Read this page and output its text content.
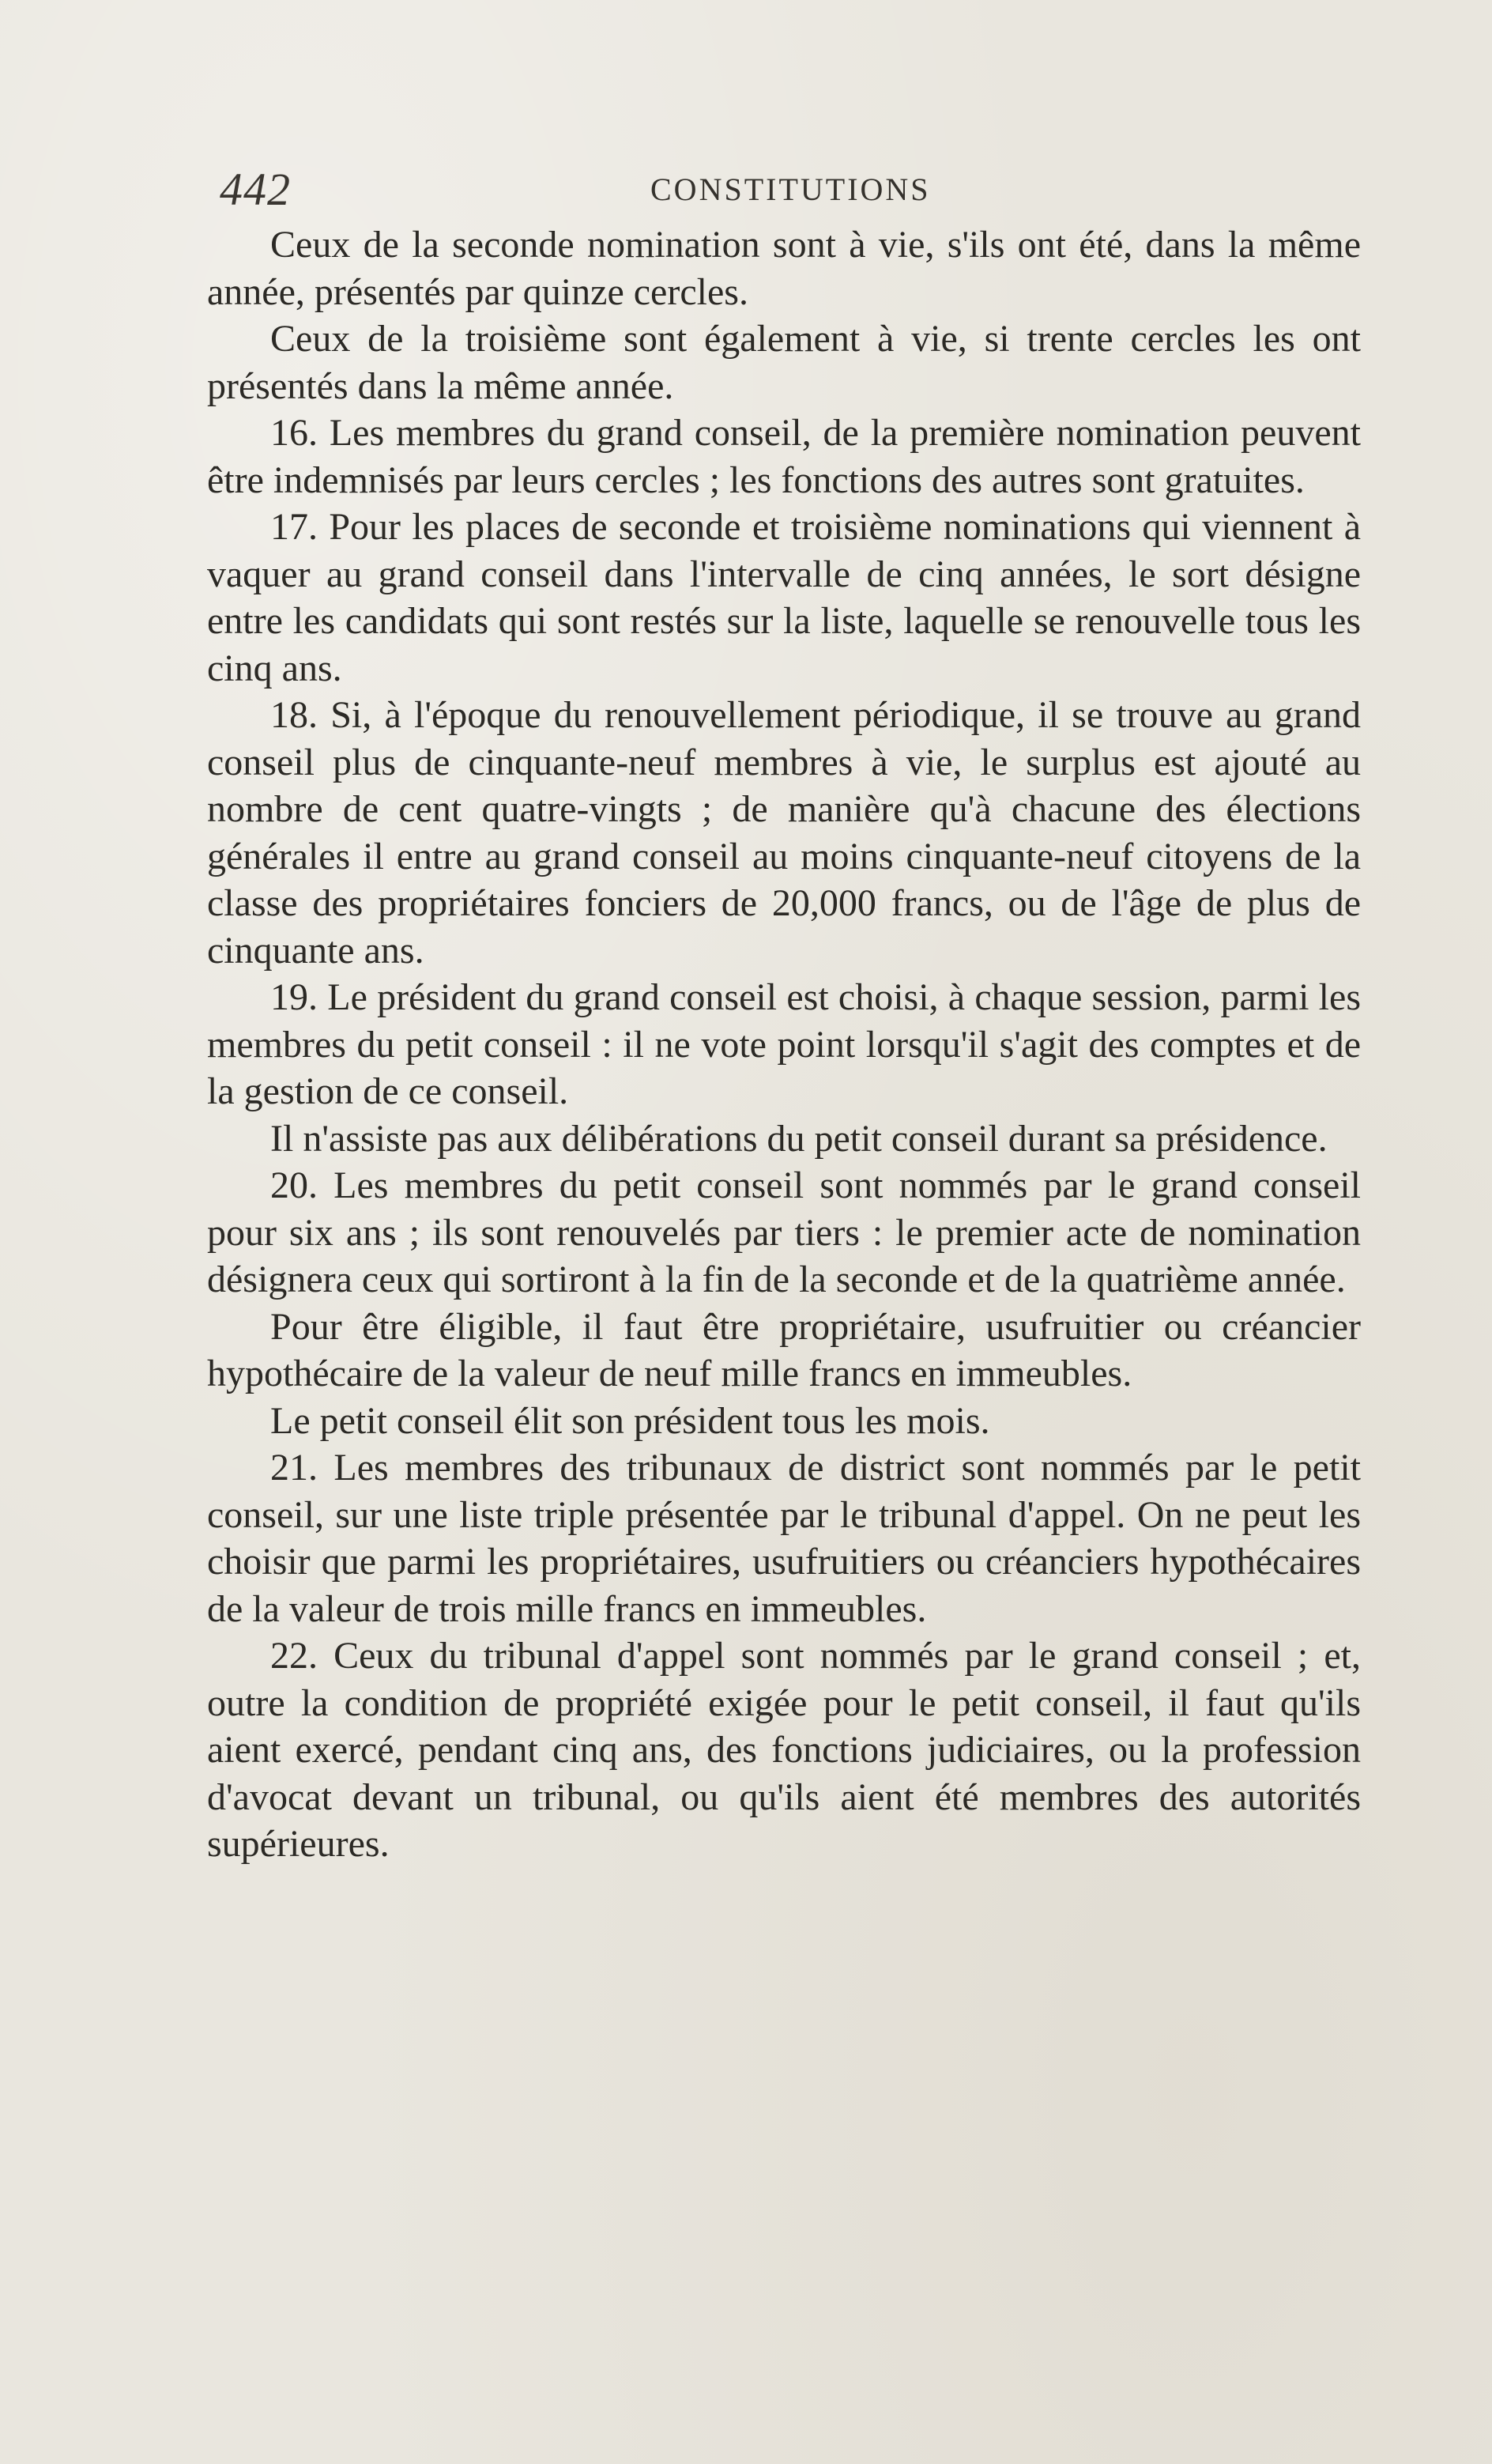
442	CONSTITUTIONS

Ceux de la seconde nomination sont à vie, s'ils ont été, dans la même année, présentés par quinze cercles.

Ceux de la troisième sont également à vie, si trente cercles les ont présentés dans la même année.

16. Les membres du grand conseil, de la première nomination peuvent être indemnisés par leurs cercles ; les fonctions des autres sont gratuites.

17. Pour les places de seconde et troisième nominations qui viennent à vaquer au grand conseil dans l'intervalle de cinq années, le sort désigne entre les candidats qui sont restés sur la liste, laquelle se renouvelle tous les cinq ans.

18. Si, à l'époque du renouvellement périodique, il se trouve au grand conseil plus de cinquante-neuf membres à vie, le surplus est ajouté au nombre de cent quatre-vingts ; de manière qu'à chacune des élections générales il entre au grand conseil au moins cinquante-neuf citoyens de la classe des propriétaires fonciers de 20,000 francs, ou de l'âge de plus de cinquante ans.

19. Le président du grand conseil est choisi, à chaque session, parmi les membres du petit conseil : il ne vote point lorsqu'il s'agit des comptes et de la gestion de ce conseil.

Il n'assiste pas aux délibérations du petit conseil durant sa présidence.

20. Les membres du petit conseil sont nommés par le grand conseil pour six ans ; ils sont renouvelés par tiers : le premier acte de nomination désignera ceux qui sortiront à la fin de la seconde et de la quatrième année.

Pour être éligible, il faut être propriétaire, usufruitier ou créancier hypothécaire de la valeur de neuf mille francs en immeubles.

Le petit conseil élit son président tous les mois.

21. Les membres des tribunaux de district sont nommés par le petit conseil, sur une liste triple présentée par le tribunal d'appel. On ne peut les choisir que parmi les propriétaires, usufruitiers ou créanciers hypothécaires de la valeur de trois mille francs en immeubles.

22. Ceux du tribunal d'appel sont nommés par le grand conseil ; et, outre la condition de propriété exigée pour le petit conseil, il faut qu'ils aient exercé, pendant cinq ans, des fonctions judiciaires, ou la profession d'avocat devant un tribunal, ou qu'ils aient été membres des autorités supérieures.
